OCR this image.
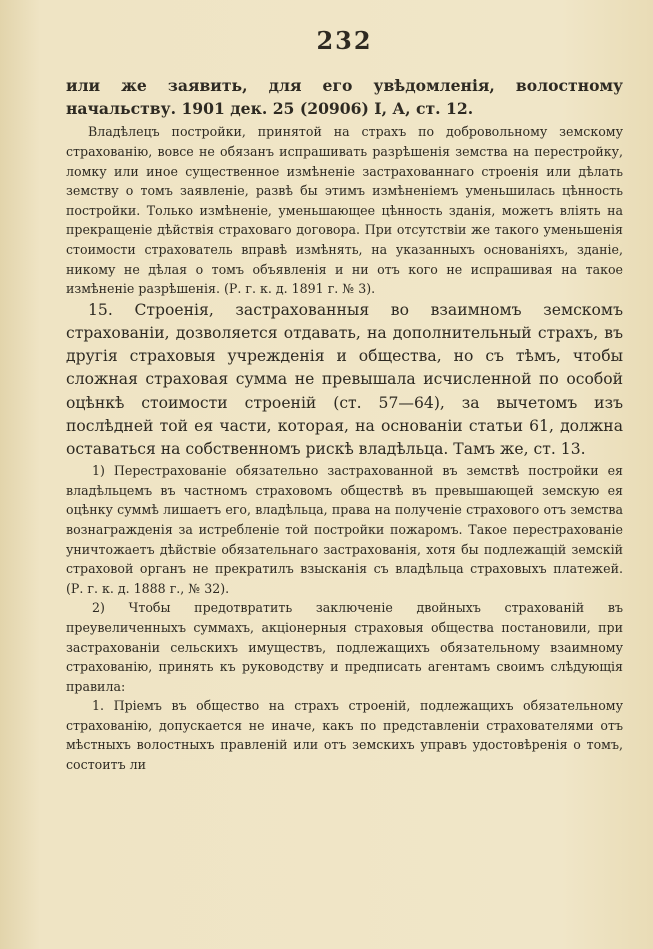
232

или же заявить, для его увѣдомленія, волостному начальству. 1901 дек. 25 (20906) I, А, ст. 12.

Владѣлецъ постройки, принятой на страхъ по добровольному земскому страхованію, вовсе не обязанъ испрашивать разрѣшенія земства на перестройку, ломку или иное существенное измѣненіе застрахованнаго строенія или дѣлать земству о томъ заявленіе, развѣ бы этимъ измѣненіемъ уменьшилась цѣнность постройки. Только измѣненіе, уменьшающее цѣнность зданія, можетъ вліять на прекращеніе дѣйствія страховаго договора. При отсутствіи же такого уменьшенія стоимости страхователь вправѣ измѣнять, на указанныхъ основаніяхъ, зданіе, никому не дѣлая о томъ объявленія и ни отъ кого не испрашивая на такое измѣненіе разрѣшенія. (Р. г. к. д. 1891 г. № 3).

15. Строенія, застрахованныя во взаимномъ земскомъ страхованіи, дозволяется отдавать, на дополнительный страхъ, въ другія страховыя учрежденія и общества, но съ тѣмъ, чтобы сложная страховая сумма не превышала исчисленной по особой оцѣнкѣ стоимости строеній (ст. 57—64), за вычетомъ изъ послѣдней той ея части, которая, на основаніи статьи 61, должна оставаться на собственномъ рискѣ владѣльца. Тамъ же, ст. 13.

1) Перестрахованіе обязательно застрахованной въ земствѣ постройки ея владѣльцемъ въ частномъ страховомъ обществѣ въ превышающей земскую ея оцѣнку суммѣ лишаетъ его, владѣльца, права на полученіе страхового отъ земства вознагражденія за истребленіе той постройки пожаромъ. Такое перестрахованіе уничтожаетъ дѣйствіе обязательнаго застрахованія, хотя бы подлежащій земскій страховой органъ не прекратилъ взысканія съ владѣльца страховыхъ платежей. (Р. г. к. д. 1888 г., № 32).

2) Чтобы предотвратить заключеніе двойныхъ страхованій въ преувеличенныхъ суммахъ, акціонерныя страховыя общества постановили, при застрахованіи сельскихъ имуществъ, подлежащихъ обязательному взаимному страхованію, принять къ руководству и предписать агентамъ своимъ слѣдующія правила:

1. Пріемъ въ общество на страхъ строеній, подлежащихъ обязательному страхованію, допускается не иначе, какъ по представленіи страхователями отъ мѣстныхъ волостныхъ правленій или отъ земскихъ управъ удостовѣренія о томъ, состоитъ ли
